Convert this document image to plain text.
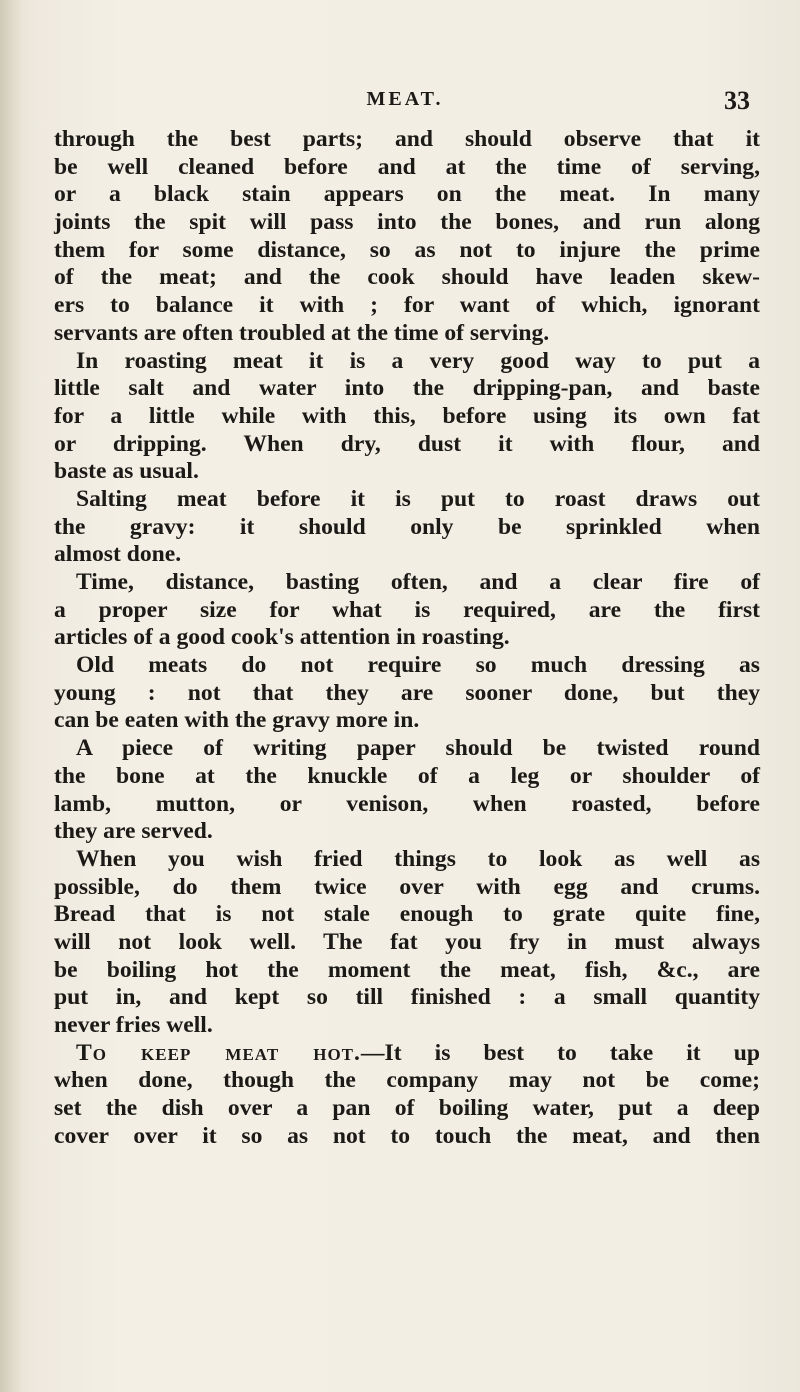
MEAT.	33
through the best parts; and should observe that it
be well cleaned before and at the time of serving,
or a black stain appears on the meat. In many
joints the spit will pass into the bones, and run along
them for some distance, so as not to injure the prime
of the meat; and the cook should have leaden skew-
ers to balance it with ; for want of which, ignorant
servants are often troubled at the time of serving.
In roasting meat it is a very good way to put a
little salt and water into the dripping-pan, and baste
for a little while with this, before using its own fat
or dripping. When dry, dust it with flour, and
baste as usual.
Salting meat before it is put to roast draws out
the gravy: it should only be sprinkled when
almost done.
Time, distance, basting often, and a clear fire of
a proper size for what is required, are the first
articles of a good cook's attention in roasting.
Old meats do not require so much dressing as
young : not that they are sooner done, but they
can be eaten with the gravy more in.
A piece of writing paper should be twisted round
the bone at the knuckle of a leg or shoulder of
lamb, mutton, or venison, when roasted, before
they are served.
When you wish fried things to look as well as
possible, do them twice over with egg and crums.
Bread that is not stale enough to grate quite fine,
will not look well. The fat you fry in must always
be boiling hot the moment the meat, fish, &c., are
put in, and kept so till finished : a small quantity
never fries well.
To keep meat hot.—It is best to take it up
when done, though the company may not be come;
set the dish over a pan of boiling water, put a deep
cover over it so as not to touch the meat, and then
